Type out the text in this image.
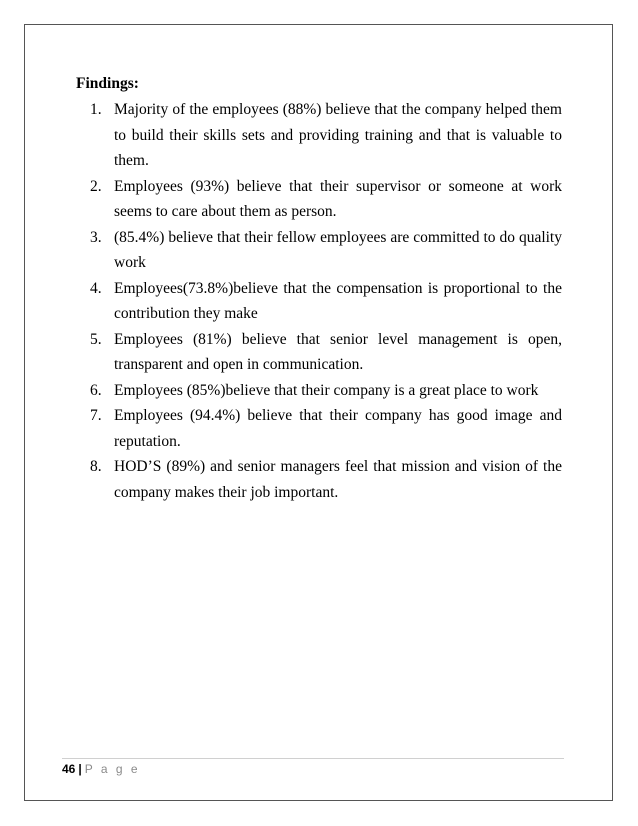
Findings:
1. Majority of the employees (88%) believe that the company helped them to build their skills sets and providing training and that is valuable to them.
2. Employees (93%) believe that their supervisor or someone at work seems to care about them as person.
3. (85.4%) believe that their fellow employees are committed to do quality work
4. Employees(73.8%)believe that the compensation is proportional to the contribution they make
5. Employees (81%) believe that senior level management is open, transparent and open in communication.
6. Employees (85%)believe that their company is a great place to work
7. Employees (94.4%) believe that their company has good image and reputation.
8. HOD’S (89%) and senior managers feel that mission and vision of the company makes their job important.
46 | P a g e
